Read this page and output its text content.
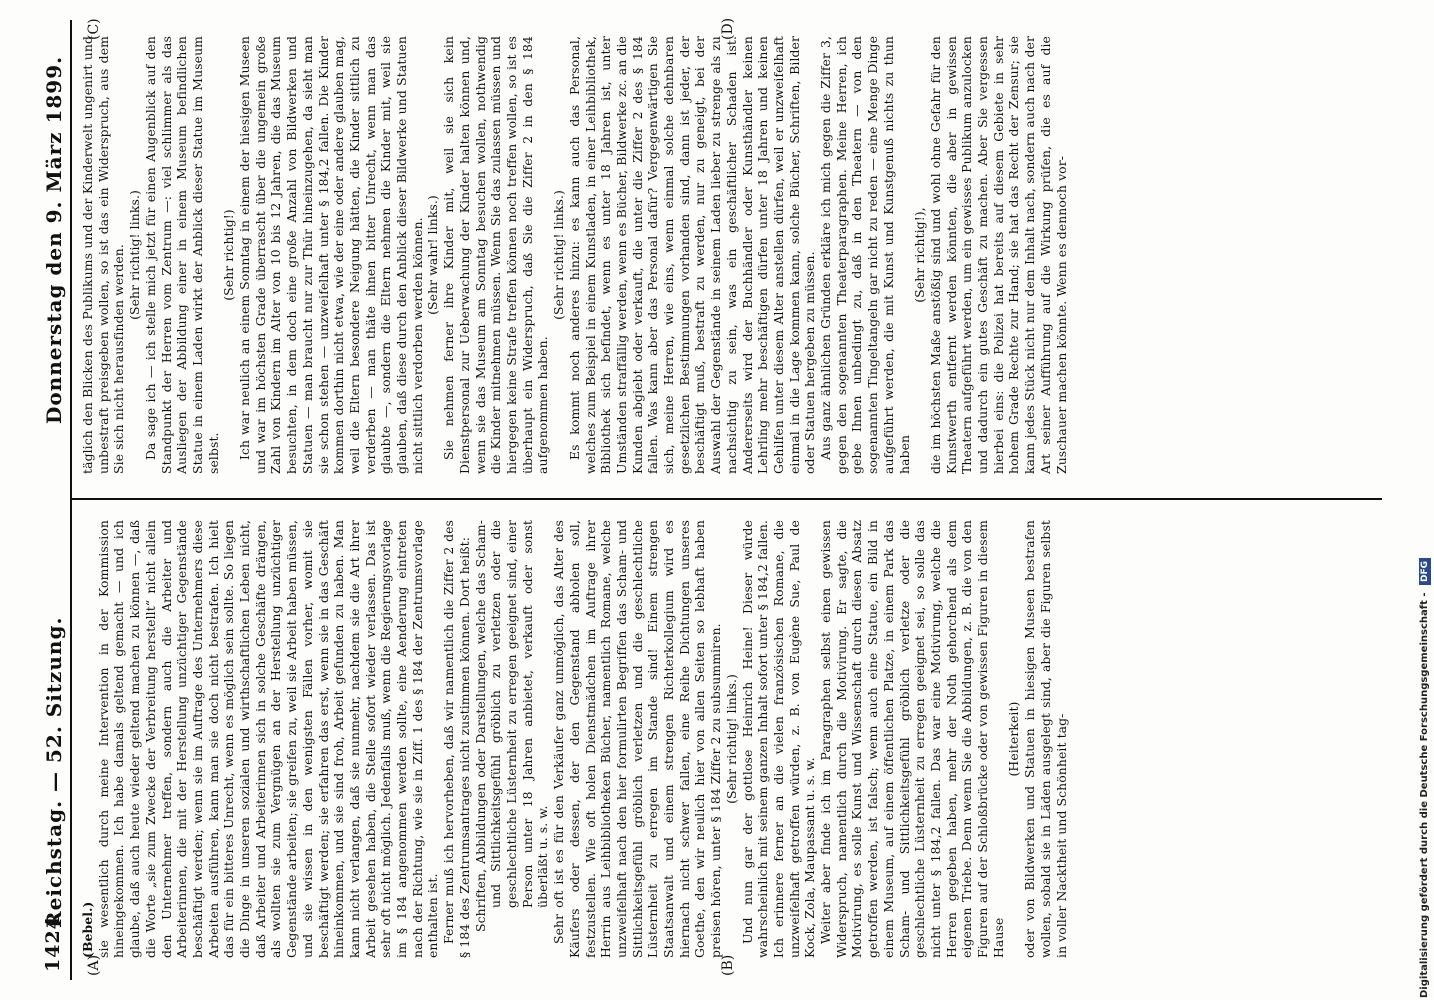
1424
Reichstag. — 52. Sitzung.
Donnerstag den 9. März 1899.
(A)	(B)
(C)	(D)

(Bebel.) sie wesentlich durch meine Intervention in der Kommission hineingekommen. Ich habe damals geltend gemacht — und ich glaube, daß auch heute wieder geltend machen zu können —, daß die Worte „sie zum Zwecke der Verbreitung herstellt“ nicht allein den Unternehmer treffen, sondern auch die Arbeiter und Arbeiterinnen, die mit der Herstellung unzüchtiger Gegenstände beschäftigt werden; wenn sie im Auftrage des Unternehmers diese Arbeiten ausführen, kann man sie doch nicht bestrafen. Ich hielt das für ein bitteres Unrecht, wenn es möglich sein sollte. So liegen die Dinge in unseren sozialen und wirthschaftlichen Leben nicht, daß Arbeiter und Arbeiterinnen sich in solche Geschäfte drängen, als wollten sie zum Vergnügen an der Herstellung unzüchtiger Gegenstände arbeiten; sie greifen zu, weil sie Arbeit haben müssen, und sie wissen in den wenigsten Fällen vorher, womit sie beschäftigt werden; sie erfahren das erst, wenn sie in das Geschäft hineinkommen, und sie sind froh, Arbeit gefunden zu haben. Man kann nicht verlangen, daß sie nunmehr, nachdem sie die Art ihrer Arbeit gesehen haben, die Stelle sofort wieder verlassen. Das ist sehr oft nicht möglich. Jedenfalls muß, wenn die Regierungsvorlage im § 184 angenommen werden sollte, eine Aenderung eintreten nach der Richtung, wie sie in Ziff. 1 des § 184 der Zentrumsvorlage enthalten ist. Ferner muß ich hervorheben, daß wir namentlich die Ziffer 2 des § 184 des Zentrumsantrages nicht zustimmen können. Dort heißt: Schriften, Abbildungen oder Darstellungen, welche das Scham- und Sittlichkeitsgefühl gröblich zu verletzen oder die geschlechtliche Lüsternheit zu erregen geeignet sind, einer Person unter 18 Jahren anbietet, verkauft oder sonst überläßt u. s. w. Sehr oft ist es für den Verkäufer ganz unmöglich, das Alter des Käufers oder dessen, der den Gegenstand abholen soll, festzustellen. Wie oft holen Dienstmädchen im Auftrage ihrer Herrin aus Leihbibliotheken Bücher, namentlich Romane, welche unzweifelhaft nach den hier formulirten Begriffen das Scham- und Sittlichkeitsgefühl gröblich verletzen und die geschlechtliche Lüsternheit zu erregen im Stande sind! Einem strengen Staatsanwalt und einem strengen Richterkollegium wird es hiernach nicht schwer fallen, eine Reihe Dichtungen unseres Goethe, den wir neulich hier von allen Seiten so lebhaft haben preisen hören, unter § 184 Ziffer 2 zu subsummiren. (Sehr richtig! links.) Und nun gar der gottlose Heinrich Heine! Dieser würde wahrscheinlich mit seinem ganzen Inhalt sofort unter § 184,2 fallen. Ich erinnere ferner an die vielen französischen Romane, die unzweifelhaft getroffen würden, z. B. von Eugène Sue, Paul de Kock, Zola, Maupassant u. s. w. Weiter aber finde ich im Paragraphen selbst einen gewissen Widerspruch, namentlich durch die Motivirung. Er sagte, die Motivirung, es solle Kunst und Wissenschaft durch diesen Absatz getroffen werden, ist falsch; wenn auch eine Statue, ein Bild in einem Museum, auf einem öffentlichen Platze, in einem Park das Scham- und Sittlichkeitsgefühl gröblich verletze oder die geschlechtliche Lüsternheit zu erregen geeignet sei, so solle das nicht unter § 184,2 fallen. Das war eine Motivirung, welche die Herren gegeben haben, mehr der Noth gehorchend als dem eigenen Triebe. Denn wenn Sie die Abbildungen, z. B. die von den Figuren auf der Schloßbrücke oder von gewissen Figuren in diesem Hause

(Heiterkeit) oder von Bildwerken und Statuen in hiesigen Museen bestrafen wollen, sobald sie in Läden ausgelegt sind, aber die Figuren selbst in voller Nacktheit und Schönheit tag-

täglich den Blicken des Publikums und der Kinderwelt ungenirt und unbestraft preisgeben wollen, so ist das ein Widerspruch, aus dem Sie sich nicht herausfinden werden. (Sehr richtig! links.) Da sage ich — ich stelle mich jetzt für einen Augenblick auf den Standpunkt der Herren vom Zentrum —: viel schlimmer als das Ausliegen der Abbildung einer in einem Museum befindlichen Statue in einem Laden wirkt der Anblick dieser Statue im Museum selbst.

(Sehr richtig!) Ich war neulich an einem Sonntag in einem der hiesigen Museen und war im höchsten Grade überrascht über die ungemein große Zahl von Kindern im Alter von 10 bis 12 Jahren, die das Museum besuchten, in dem doch eine große Anzahl von Bildwerken und Statuen — man braucht nur zur Thür hineinzugehen, da sieht man sie schon stehen — unzweifelhaft unter § 184,2 fallen. Die Kinder kommen dorthin nicht etwa, wie der eine oder andere glauben mag, weil die Eltern besondere Neigung hätten, die Kinder sittlich zu verderben — man thäte ihnen bitter Unrecht, wenn man das glaubte —, sondern die Eltern nehmen die Kinder mit, weil sie glauben, daß diese durch den Anblick dieser Bildwerke und Statuen nicht sittlich verdorben werden können. (Sehr wahr! links.) Sie nehmen ferner ihre Kinder mit, weil sie sich kein Dienstpersonal zur Ueberwachung der Kinder halten können und, wenn sie das Museum am Sonntag besuchen wollen, nothwendig die Kinder mitnehmen müssen. Wenn Sie das zulassen müssen und hiergegen keine Strafe treffen können noch treffen wollen, so ist es überhaupt ein Widerspruch, daß Sie die Ziffer 2 in den § 184 aufgenommen haben.

(Sehr richtig! links.) Es kommt noch anderes hinzu: es kann auch das Personal, welches zum Beispiel in einem Kunstladen, in einer Leihbibliothek, Bibliothek sich befindet, wenn es unter 18 Jahren ist, unter Umständen straffällig werden, wenn es Bücher, Bildwerke zc. an die Kunden abgiebt oder verkauft, die unter die Ziffer 2 des § 184 fallen. Was kann aber das Personal dafür? Vergegenwärtigen Sie sich, meine Herren, wie eins, wenn einmal solche dehnbaren gesetzlichen Bestimmungen vorhanden sind, dann ist jeder, der beschäftigt muß, bestraft zu werden, nur zu geneigt, bei der Auswahl der Gegenstände in seinem Laden lieber zu strenge als zu nachsichtig zu sein, was ein geschäftlicher Schaden ist. Andererseits wird der Buchhändler oder Kunsthändler keinen Lehrling mehr beschäftigen dürfen unter 18 Jahren und keinen Gehilfen unter diesem Alter anstellen dürfen, weil er unzweifelhaft einmal in die Lage kommen kann, solche Bücher, Schriften, Bilder oder Statuen hergeben zu müssen. Aus ganz ähnlichen Gründen erkläre ich mich gegen die Ziffer 3, gegen den sogenannten Theaterparagraphen. Meine Herren, ich gebe Ihnen unbedingt zu, daß in den Theatern — von den sogenannten Tingeltangeln gar nicht zu reden — eine Menge Dinge aufgeführt werden, die mit Kunst und Kunstgenuß nichts zu thun haben

(Sehr richtig!), die im höchsten Maße anstößig sind und wohl ohne Gefahr für den Kunstwerth entfernt werden könnten, die aber in gewissen Theatern aufgeführt werden, um ein gewisses Publikum anzulocken und dadurch ein gutes Geschäft zu machen. Aber Sie vergessen hierbei eins: die Polizei hat bereits auf diesem Gebiete in sehr hohem Grade Rechte zur Hand; sie hat das Recht der Zensur; sie kann jedes Stück nicht nur dem Inhalt nach, sondern auch nach der Art seiner Aufführung auf die Wirkung prüfen, die es auf die Zuschauer machen könnte. Wenn es dennoch vor-

Digitalisierung gefördert durch die Deutsche Forschungsgemeinschaft - DFG
